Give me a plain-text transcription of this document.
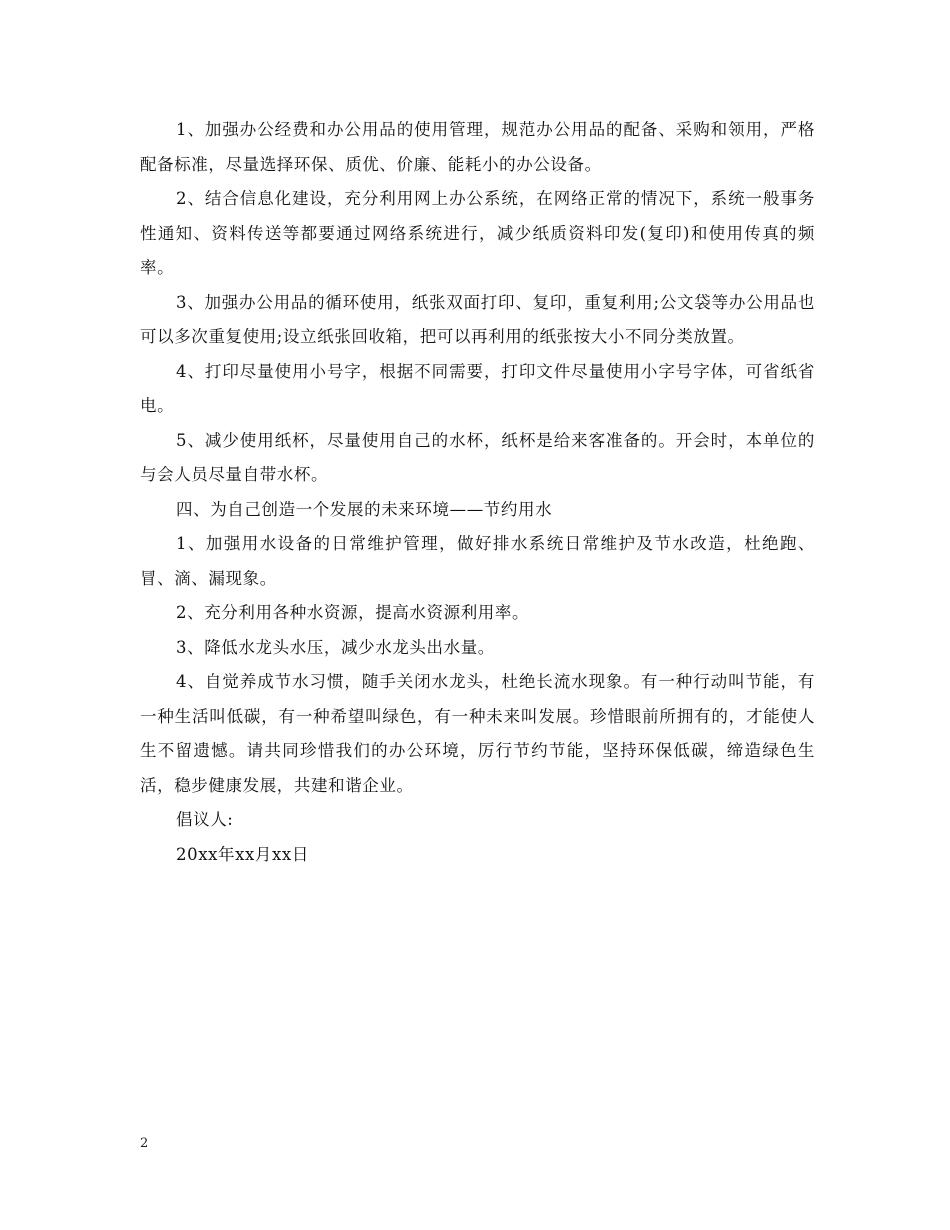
1、加强办公经费和办公用品的使用管理，规范办公用品的配备、采购和领用，严格配备标准，尽量选择环保、质优、价廉、能耗小的办公设备。

2、结合信息化建设，充分利用网上办公系统，在网络正常的情况下，系统一般事务性通知、资料传送等都要通过网络系统进行，减少纸质资料印发(复印)和使用传真的频率。

3、加强办公用品的循环使用，纸张双面打印、复印，重复利用;公文袋等办公用品也可以多次重复使用;设立纸张回收箱，把可以再利用的纸张按大小不同分类放置。

4、打印尽量使用小号字，根据不同需要，打印文件尽量使用小字号字体，可省纸省电。

5、减少使用纸杯，尽量使用自己的水杯，纸杯是给来客准备的。开会时，本单位的与会人员尽量自带水杯。

四、为自己创造一个发展的未来环境——节约用水

1、加强用水设备的日常维护管理，做好排水系统日常维护及节水改造，杜绝跑、冒、滴、漏现象。

2、充分利用各种水资源，提高水资源利用率。

3、降低水龙头水压，减少水龙头出水量。

4、自觉养成节水习惯，随手关闭水龙头，杜绝长流水现象。有一种行动叫节能，有一种生活叫低碳，有一种希望叫绿色，有一种未来叫发展。珍惜眼前所拥有的，才能使人生不留遗憾。请共同珍惜我们的办公环境，厉行节约节能，坚持环保低碳，缔造绿色生活，稳步健康发展，共建和谐企业。

倡议人:

20xx年xx月xx日

2
